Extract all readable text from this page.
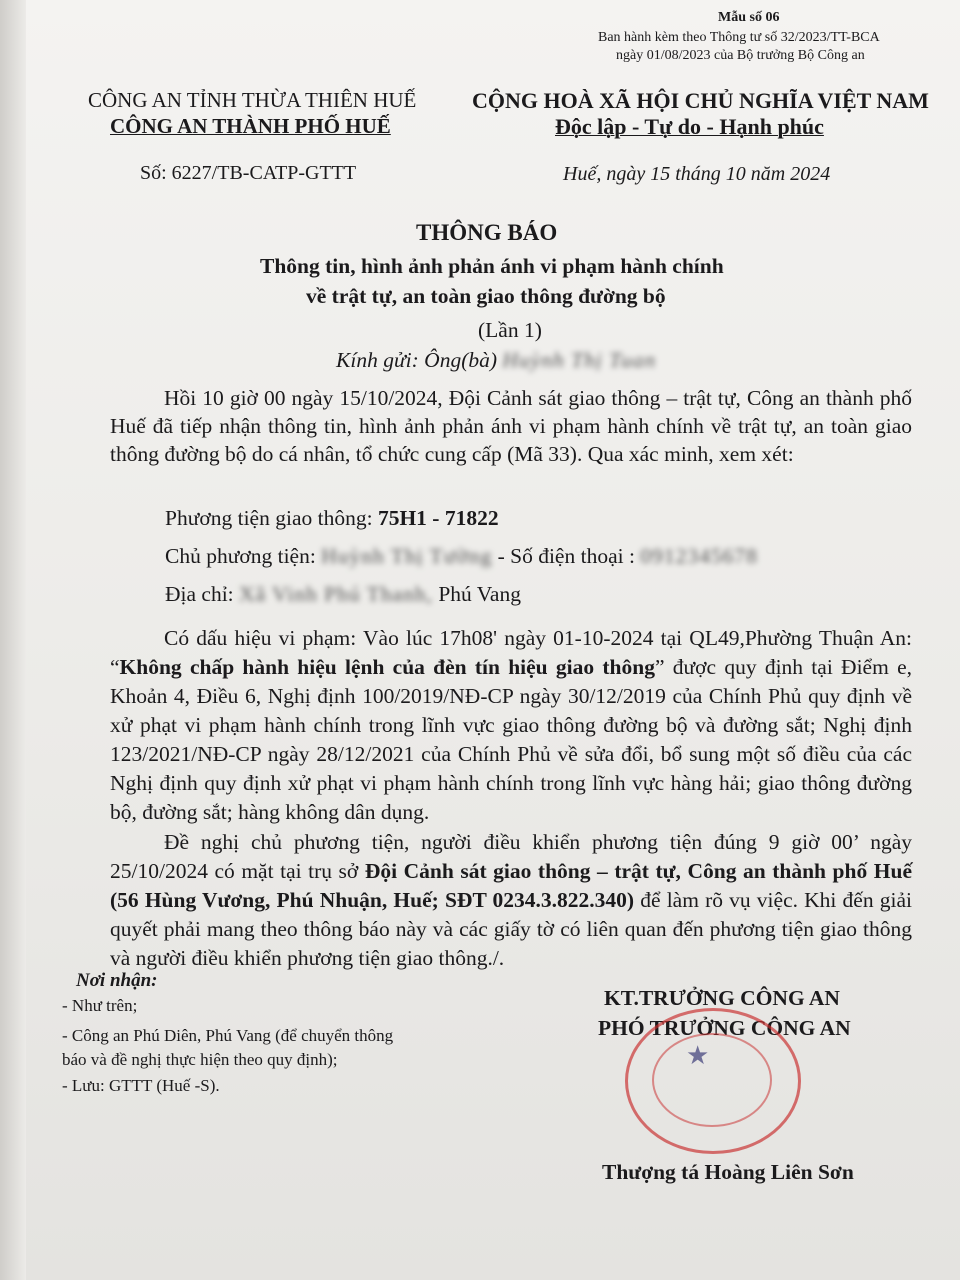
Mẫu số 06
Ban hành kèm theo Thông tư số 32/2023/TT-BCA
ngày 01/08/2023 của Bộ trưởng Bộ Công an
CÔNG AN TỈNH THỪA THIÊN HUẾ
CÔNG AN THÀNH PHỐ HUẾ
Số: 6227/TB-CATP-GTTT
CỘNG HOÀ XÃ HỘI CHỦ NGHĨA VIỆT NAM
Độc lập - Tự do - Hạnh phúc
Huế, ngày 15 tháng 10 năm 2024
THÔNG BÁO
Thông tin, hình ảnh phản ánh vi phạm hành chính
về trật tự, an toàn giao thông đường bộ
(Lần 1)
Kính gửi: Ông(bà) Huỳnh Thị Tuan
Hồi 10 giờ 00 ngày 15/10/2024, Đội Cảnh sát giao thông – trật tự, Công an thành phố Huế đã tiếp nhận thông tin, hình ảnh phản ánh vi phạm hành chính về trật tự, an toàn giao thông đường bộ do cá nhân, tổ chức cung cấp (Mã 33). Qua xác minh, xem xét:
Phương tiện giao thông: 75H1 - 71822
Chủ phương tiện: Huỳnh Thị Tường - Số điện thoại : 0912345678
Địa chỉ: Xã Vinh Phú Thanh, Phú Vang
Có dấu hiệu vi phạm: Vào lúc 17h08' ngày 01-10-2024 tại QL49,Phường Thuận An: “Không chấp hành hiệu lệnh của đèn tín hiệu giao thông” được quy định tại Điểm e, Khoản 4, Điều 6, Nghị định 100/2019/NĐ-CP ngày 30/12/2019 của Chính Phủ quy định về xử phạt vi phạm hành chính trong lĩnh vực giao thông đường bộ và đường sắt; Nghị định 123/2021/NĐ-CP ngày 28/12/2021 của Chính Phủ về sửa đổi, bổ sung một số điều của các Nghị định quy định xử phạt vi phạm hành chính trong lĩnh vực hàng hải; giao thông đường bộ, đường sắt; hàng không dân dụng.
Đề nghị chủ phương tiện, người điều khiển phương tiện đúng 9 giờ 00’ ngày 25/10/2024 có mặt tại trụ sở Đội Cảnh sát giao thông – trật tự, Công an thành phố Huế (56 Hùng Vương, Phú Nhuận, Huế; SĐT 0234.3.822.340) để làm rõ vụ việc. Khi đến giải quyết phải mang theo thông báo này và các giấy tờ có liên quan đến phương tiện giao thông và người điều khiển phương tiện giao thông./.
Nơi nhận:
- Như trên;
- Công an Phú Diên, Phú Vang (để chuyển thông
báo và đề nghị thực hiện theo quy định);
- Lưu: GTTT (Huế -S).
KT.TRƯỞNG CÔNG AN
PHÓ TRƯỞNG CÔNG AN
★
Thượng tá Hoàng Liên Sơn
